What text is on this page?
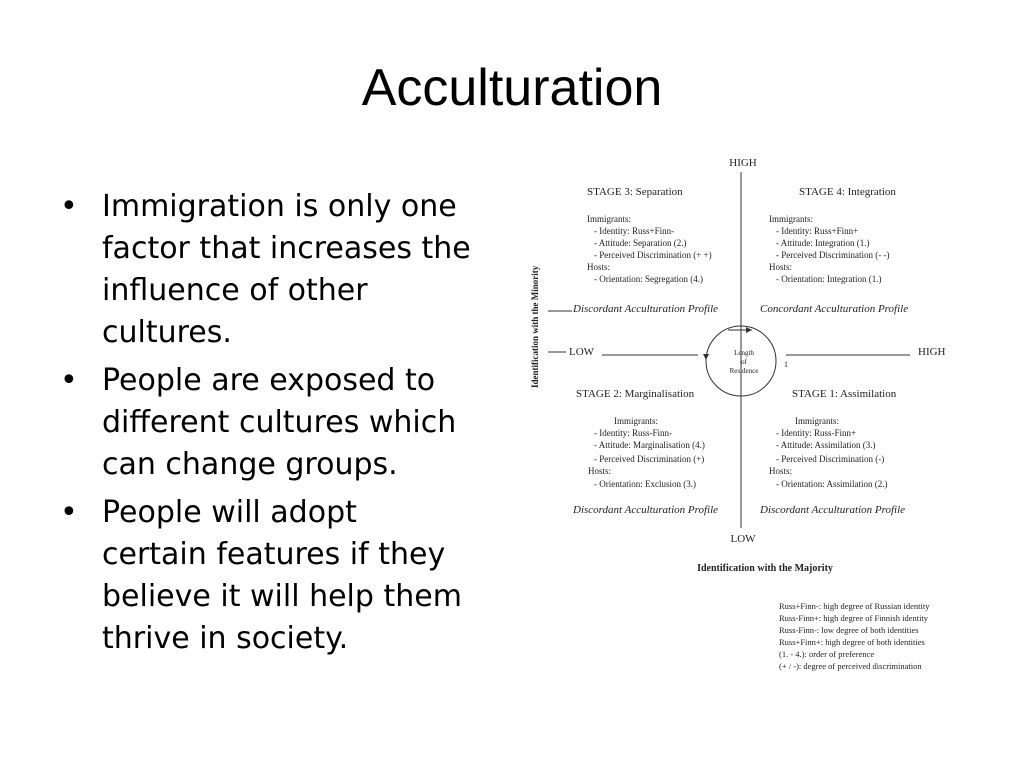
Acculturation
• Immigration is only one
factor that increases the
influence of other
cultures.
• People are exposed to
different cultures which
can change groups.
• People will adopt
certain features if they
believe it will help them
thrive in society.
HIGH
LOW
LOW	HIGH
Identification with the Minority	Length
of
Residence
1
STAGE 3: Separation
Immigrants:
- Identity: Russ+Finn-
- Attitude: Separation (2.)
- Perceived Discrimination (+ +)
Hosts:
- Orientation: Segregation (4.)
Discordant Acculturation Profile
STAGE 4: Integration
Immigrants:
- Identity: Russ+Finn+
- Attitude: Integration (1.)
- Perceived Discrimination (- -)
Hosts:
- Orientation: Integration (1.)
Concordant Acculturation Profile
STAGE 2: Marginalisation
Immigrants:
- Identity: Russ-Finn-
- Attitude: Marginalisation (4.)
- Perceived Discrimination (+)
Hosts:
- Orientation: Exclusion (3.)
Discordant Acculturation Profile
STAGE 1: Assimilation
Immigrants:
- Identity: Russ-Finn+
- Attitude: Assimilation (3.)
- Perceived Discrimination (-)
Hosts:
- Orientation: Assimilation (2.)
Discordant Acculturation Profile
Identification with the Majority
Russ+Finn-: high degree of Russian identity
Russ-Finn+: high degree of Finnish identity
Russ-Finn-: low degree of both identities
Russ+Finn+: high degree of both identities
(1. - 4.): order of preference
(+ / -): degree of perceived discrimination
